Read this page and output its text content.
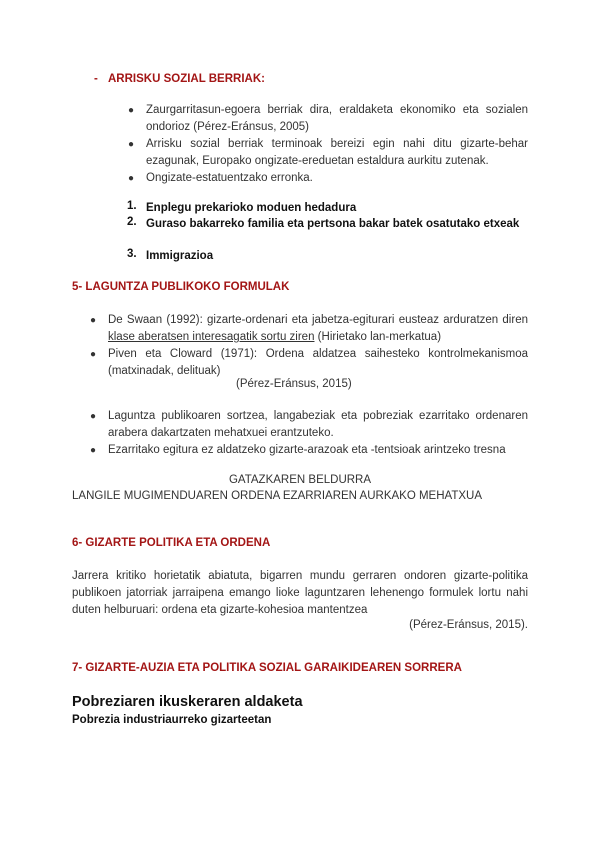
- ARRISKU SOZIAL BERRIAK:
● Zaurgarritasun-egoera berriak dira, eraldaketa ekonomiko eta sozialen ondorioz (Pérez-Eránsus, 2005)
● Arrisku sozial berriak terminoak bereizi egin nahi ditu gizarte-behar ezagunak, Europako ongizate-ereduetan estaldura aurkitu zutenak.
● Ongizate-estatuentzako erronka.
1. Enplegu prekarioko moduen hedadura
2. Guraso bakarreko familia eta pertsona bakar batek osatutako etxeak
3. Immigrazioa
5- LAGUNTZA PUBLIKOKO FORMULAK
● De Swaan (1992): gizarte-ordenari eta jabetza-egiturari eusteaz arduratzen diren klase aberatsen interesagatik sortu ziren (Hirietako lan-merkatua)
● Piven eta Cloward (1971): Ordena aldatzea saihesteko kontrolmekanismoa (matxinadak, delituak)
(Pérez-Eránsus, 2015)
● Laguntza publikoaren sortzea, langabeziak eta pobreziak ezarritako ordenaren arabera dakartzaten mehatxuei erantzuteko.
● Ezarritako egitura ez aldatzeko gizarte-arazoak eta -tentsioak arintzeko tresna
GATAZKAREN BELDURRA
LANGILE MUGIMENDUAREN ORDENA EZARRIAREN AURKAKO MEHATXUA
6- GIZARTE POLITIKA ETA ORDENA
Jarrera kritiko horietatik abiatuta, bigarren mundu gerraren ondoren gizarte-politika publikoen jatorriak jarraipena emango lioke laguntzaren lehenengo formulek lortu nahi duten helburuari: ordena eta gizarte-kohesioa mantentzea
(Pérez-Eránsus, 2015).
7- GIZARTE-AUZIA ETA POLITIKA SOZIAL GARAIKIDEAREN SORRERA
Pobreziaren ikuskeraren aldaketa
Pobrezia industriaurreko gizarteetan
